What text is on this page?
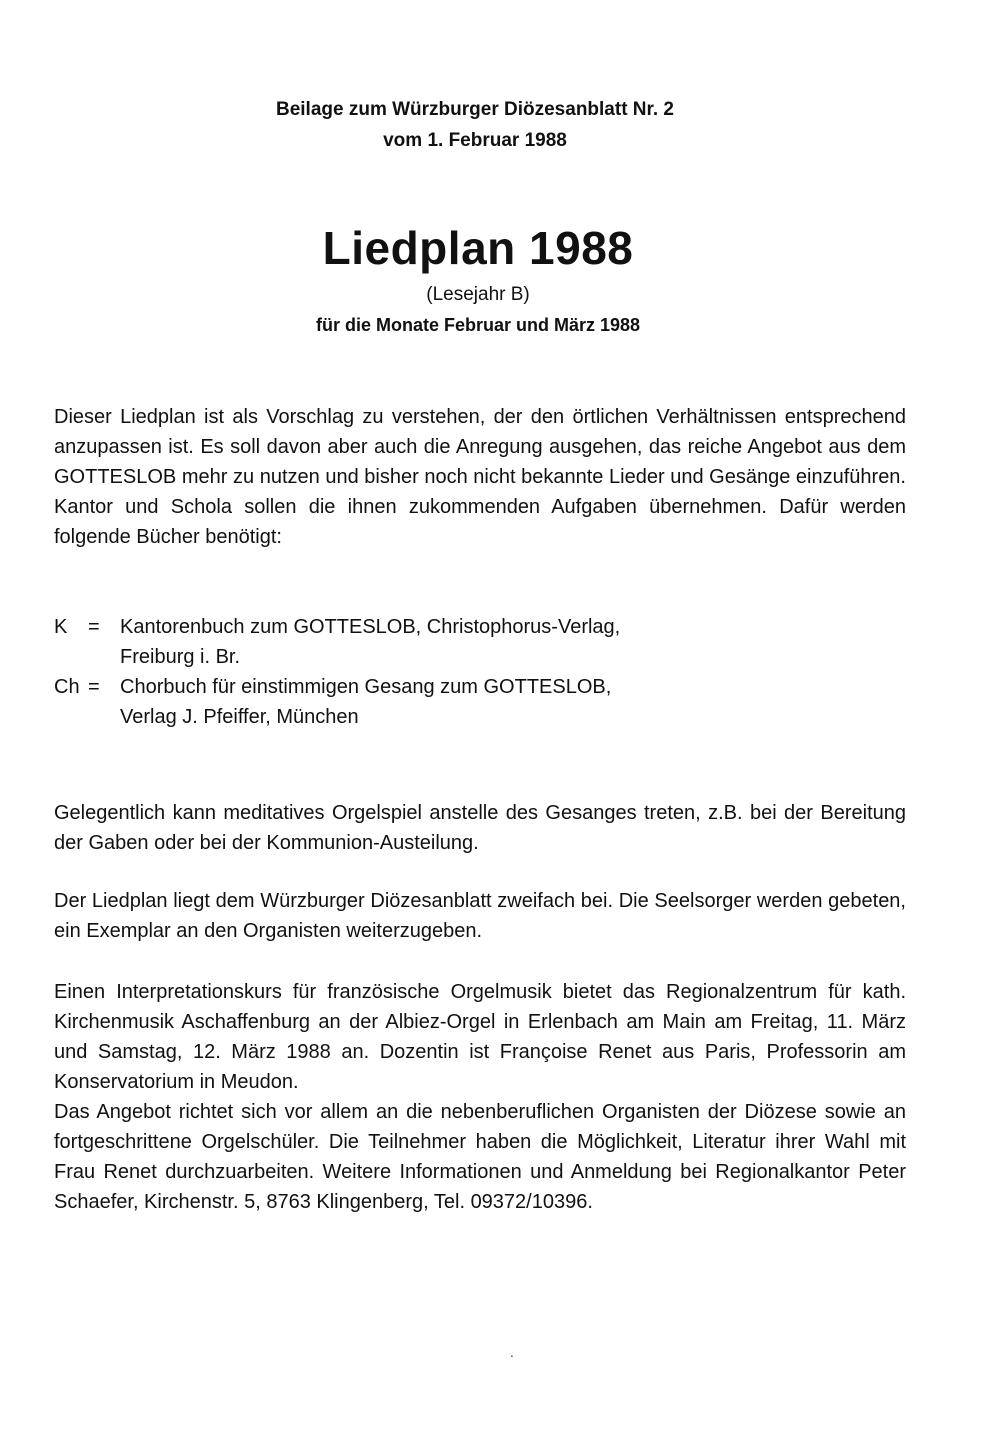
Beilage zum Würzburger Diözesanblatt Nr. 2
vom 1. Februar 1988
Liedplan 1988
(Lesejahr B)
für die Monate Februar und März 1988
Dieser Liedplan ist als Vorschlag zu verstehen, der den örtlichen Verhältnissen entsprechend anzupassen ist. Es soll davon aber auch die Anregung ausgehen, das reiche Angebot aus dem GOTTESLOB mehr zu nutzen und bisher noch nicht bekannte Lieder und Gesänge einzuführen. Kantor und Schola sollen die ihnen zukommenden Aufgaben übernehmen. Dafür werden folgende Bücher benötigt:
K	=	Kantorenbuch zum GOTTESLOB, Christophorus-Verlag,
Freiburg i. Br.
Ch =	Chorbuch für einstimmigen Gesang zum GOTTESLOB,
Verlag J. Pfeiffer, München
Gelegentlich kann meditatives Orgelspiel anstelle des Gesanges treten, z.B. bei der Bereitung der Gaben oder bei der Kommunion-Austeilung.
Der Liedplan liegt dem Würzburger Diözesanblatt zweifach bei. Die Seelsorger werden gebeten, ein Exemplar an den Organisten weiterzugeben.
Einen Interpretationskurs für französische Orgelmusik bietet das Regionalzentrum für kath. Kirchenmusik Aschaffenburg an der Albiez-Orgel in Erlenbach am Main am Freitag, 11. März und Samstag, 12. März 1988 an. Dozentin ist Françoise Renet aus Paris, Professorin am Konservatorium in Meudon.
Das Angebot richtet sich vor allem an die nebenberuflichen Organisten der Diözese sowie an fortgeschrittene Orgelschüler. Die Teilnehmer haben die Möglichkeit, Literatur ihrer Wahl mit Frau Renet durchzuarbeiten. Weitere Informationen und Anmeldung bei Regionalkantor Peter Schaefer, Kirchenstr. 5, 8763 Klingenberg, Tel. 09372/10396.
‧
